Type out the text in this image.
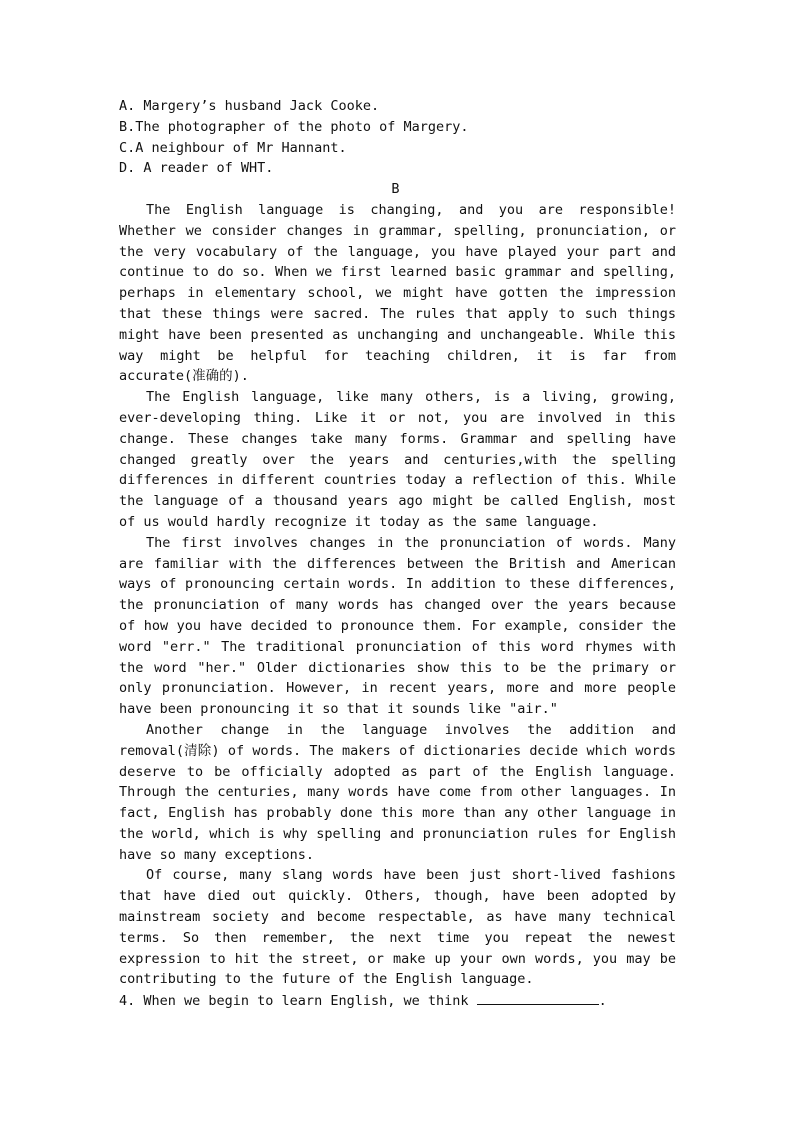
A. Margery’s husband Jack Cooke.

B.The photographer of the photo of Margery.

C.A neighbour of Mr Hannant.

D. A reader of WHT.

B

The English language is changing, and you are responsible! Whether we consider changes in grammar, spelling, pronunciation, or the very vocabulary of the language, you have played your part and continue to do so. When we first learned basic grammar and spelling, perhaps in elementary school, we might have gotten the impression that these things were sacred. The rules that apply to such things might have been presented as unchanging and unchangeable. While this way might be helpful for teaching children, it is far from accurate(准确的).

The English language, like many others, is a living, growing, ever-developing thing. Like it or not, you are involved in this change. These changes take many forms. Grammar and spelling have changed greatly over the years and centuries,with the spelling differences in different countries today a reflection of this. While the language of a thousand years ago might be called English, most of us would hardly recognize it today as the same language.

The first involves changes in the pronunciation of words. Many are familiar with the differences between the British and American ways of pronouncing certain words. In addition to these differences, the pronunciation of many words has changed over the years because of how you have decided to pronounce them. For example, consider the word "err." The traditional pronunciation of this word rhymes with the word "her." Older dictionaries show this to be the primary or only pronunciation. However, in recent years, more and more people have been pronouncing it so that it sounds like "air."

Another change in the language involves the addition and removal(清除) of words. The makers of dictionaries decide which words deserve to be officially adopted as part of the English language. Through the centuries, many words have come from other languages. In fact, English has probably done this more than any other language in the world, which is why spelling and pronunciation rules for English have so many exceptions.

Of course, many slang words have been just short-lived fashions that have died out quickly. Others, though, have been adopted by mainstream society and become respectable, as have many technical terms. So then remember, the next time you repeat the newest expression to hit the street, or make up your own words, you may be contributing to the future of the English language.

4. When we begin to learn English, we think	.
